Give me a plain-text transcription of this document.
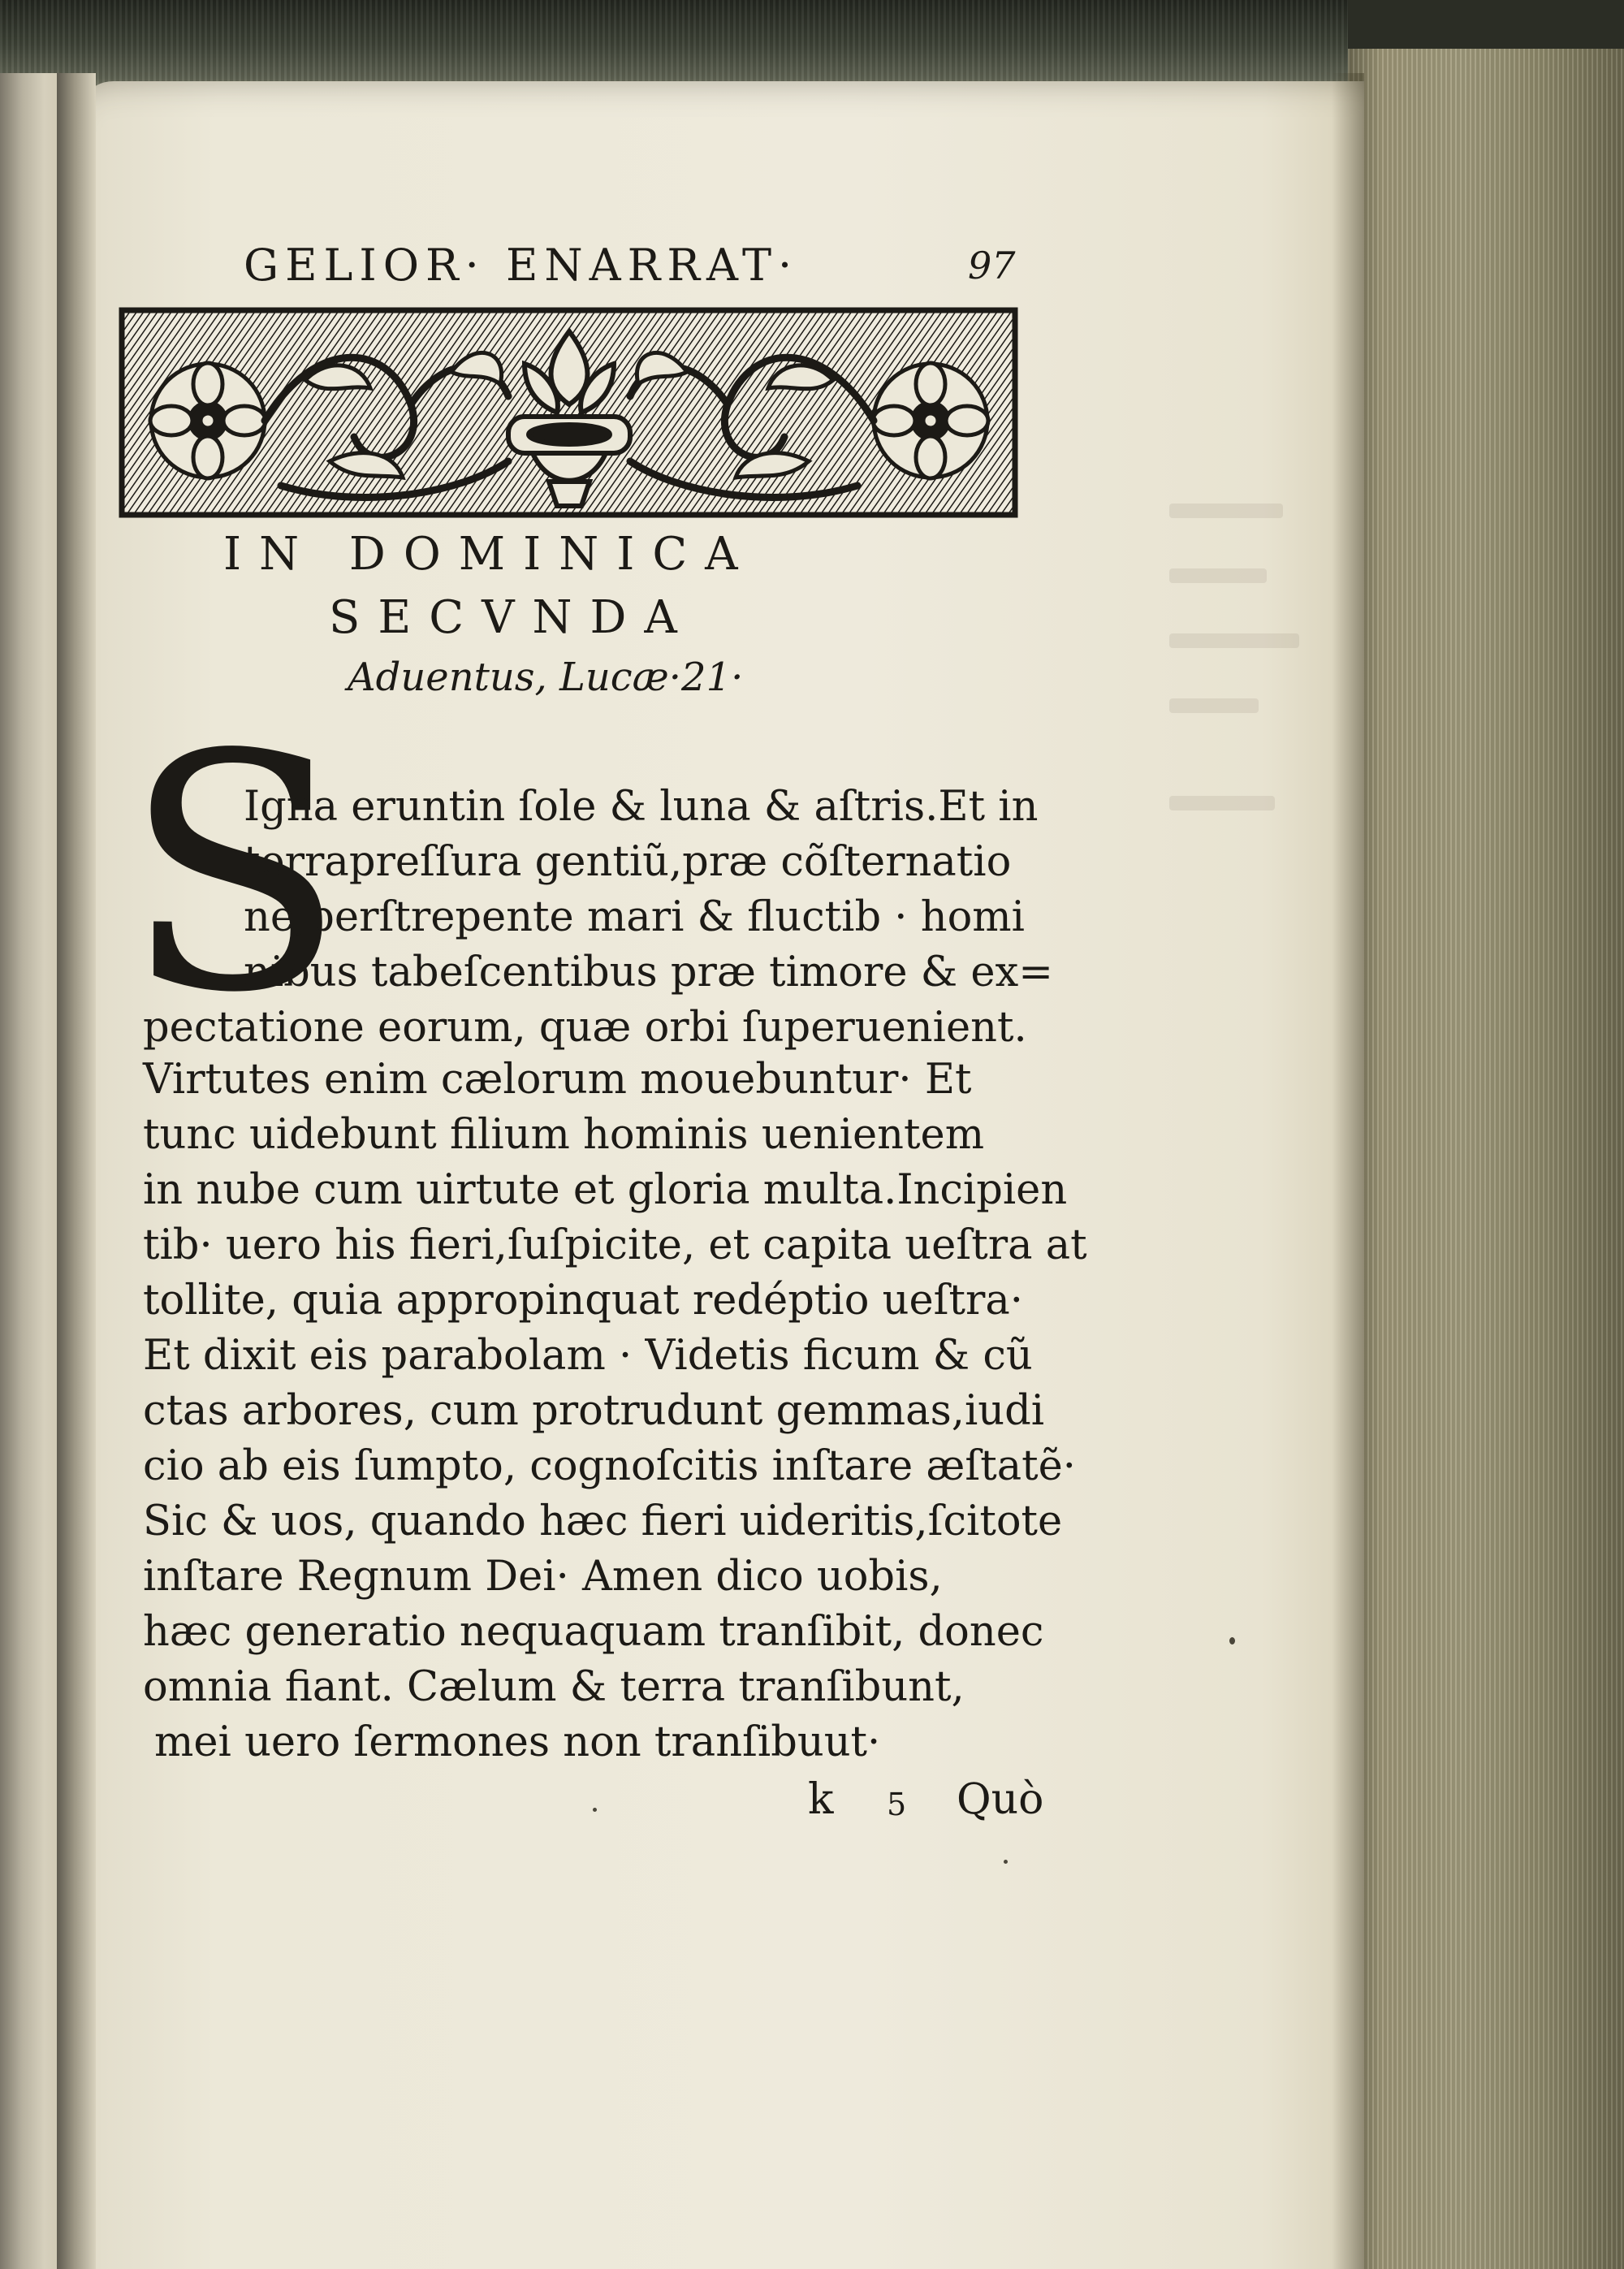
GELIOR· ENARRAT·	97
IN DOMINICA
SECVNDA
Aduentus, Lucæ·21·
S
Igna eruntin ſole & luna & aſtris.Et in
terrapreſſura gentiũ,præ cõſternatio
ne,perſtrepente mari & fluctib · homi
nibus tabeſcentibus præ timore & ex=
pectatione eorum, quæ orbi ſuperuenient.
Virtutes enim cælorum mouebuntur· Et
tunc uidebunt filium hominis uenientem
in nube cum uirtute et gloria multa.Incipien
tib· uero his fieri,ſuſpicite, et capita ueſtra at
tollite, quia appropinquat redéptio ueſtra·
Et dixit eis parabolam · Videtis ficum & cũ
ctas arbores, cum protrudunt gemmas,iudi
cio ab eis ſumpto, cognoſcitis inſtare æſtatẽ·
Sic & uos, quando hæc fieri uideritis,ſcitote
inſtare Regnum Dei· Amen dico uobis,
hæc generatio nequaquam tranſibit, donec
omnia fiant. Cælum & terra tranſibunt,
mei uero ſermones non tranſibuut·
k 5 Quò
